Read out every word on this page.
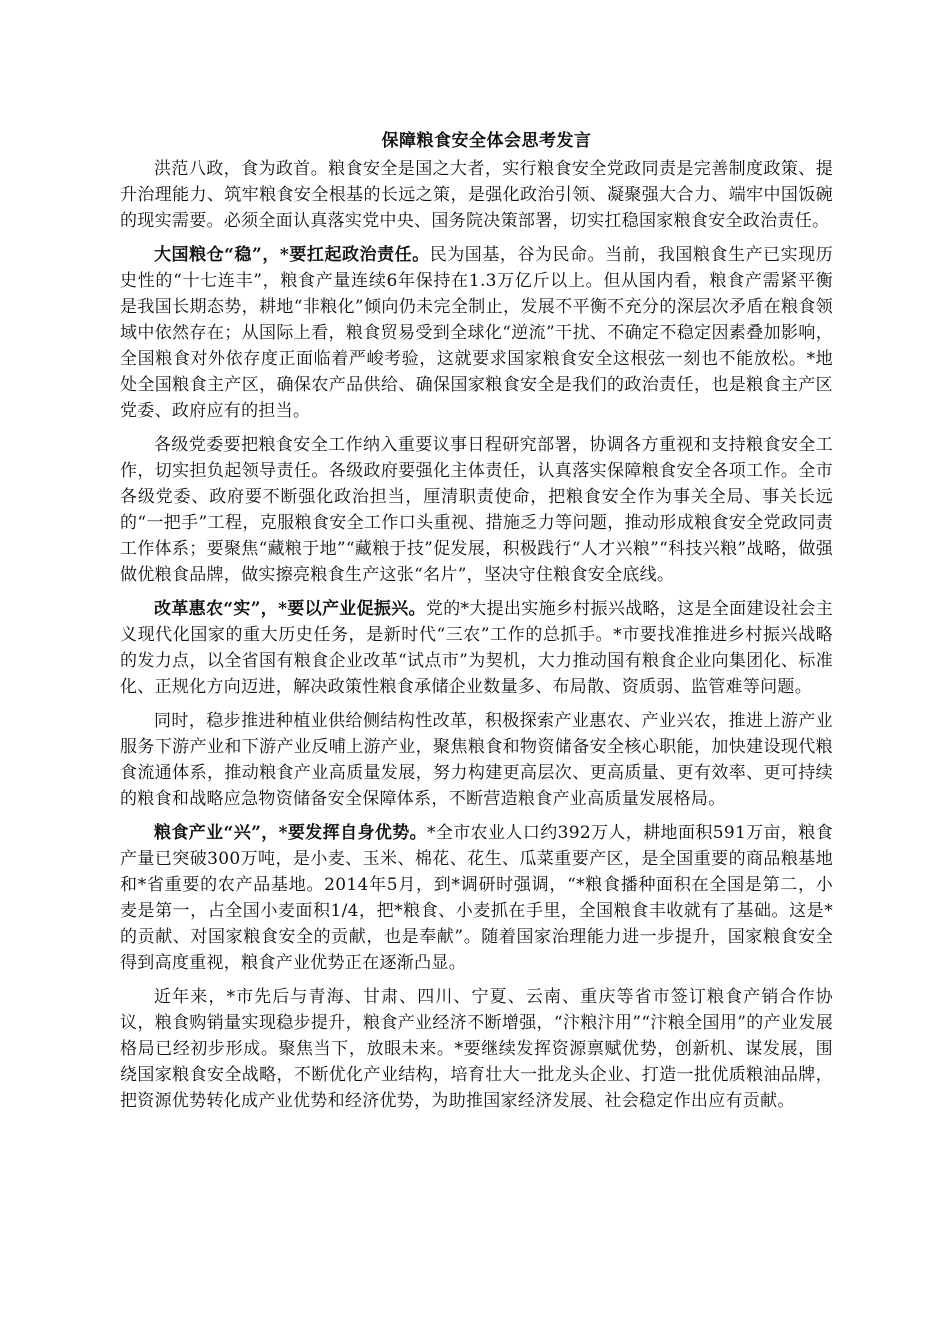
保障粮食安全体会思考发言

洪范八政，食为政首。粮食安全是国之大者，实行粮食安全党政同责是完善制度政策、提升治理能力、筑牢粮食安全根基的长远之策，是强化政治引领、凝聚强大合力、端牢中国饭碗的现实需要。必须全面认真落实党中央、国务院决策部署，切实扛稳国家粮食安全政治责任。

大国粮仓“稳”，*要扛起政治责任。民为国基，谷为民命。当前，我国粮食生产已实现历史性的“十七连丰”，粮食产量连续6年保持在1.3万亿斤以上。但从国内看，粮食产需紧平衡是我国长期态势，耕地“非粮化”倾向仍未完全制止，发展不平衡不充分的深层次矛盾在粮食领域中依然存在；从国际上看，粮食贸易受到全球化“逆流”干扰、不确定不稳定因素叠加影响，全国粮食对外依存度正面临着严峻考验，这就要求国家粮食安全这根弦一刻也不能放松。*地处全国粮食主产区，确保农产品供给、确保国家粮食安全是我们的政治责任，也是粮食主产区党委、政府应有的担当。

各级党委要把粮食安全工作纳入重要议事日程研究部署，协调各方重视和支持粮食安全工作，切实担负起领导责任。各级政府要强化主体责任，认真落实保障粮食安全各项工作。全市各级党委、政府要不断强化政治担当，厘清职责使命，把粮食安全作为事关全局、事关长远的“一把手”工程，克服粮食安全工作口头重视、措施乏力等问题，推动形成粮食安全党政同责工作体系；要聚焦“藏粮于地”“藏粮于技”促发展，积极践行“人才兴粮”“科技兴粮”战略，做强做优粮食品牌，做实擦亮粮食生产这张“名片”，坚决守住粮食安全底线。

改革惠农“实”，*要以产业促振兴。党的*大提出实施乡村振兴战略，这是全面建设社会主义现代化国家的重大历史任务，是新时代“三农”工作的总抓手。*市要找准推进乡村振兴战略的发力点，以全省国有粮食企业改革“试点市”为契机，大力推动国有粮食企业向集团化、标准化、正规化方向迈进，解决政策性粮食承储企业数量多、布局散、资质弱、监管难等问题。

同时，稳步推进种植业供给侧结构性改革，积极探索产业惠农、产业兴农，推进上游产业服务下游产业和下游产业反哺上游产业，聚焦粮食和物资储备安全核心职能，加快建设现代粮食流通体系，推动粮食产业高质量发展，努力构建更高层次、更高质量、更有效率、更可持续的粮食和战略应急物资储备安全保障体系，不断营造粮食产业高质量发展格局。

粮食产业“兴”，*要发挥自身优势。*全市农业人口约392万人，耕地面积591万亩，粮食产量已突破300万吨，是小麦、玉米、棉花、花生、瓜菜重要产区，是全国重要的商品粮基地和*省重要的农产品基地。2014年5月，到*调研时强调，“*粮食播种面积在全国是第二，小麦是第一，占全国小麦面积1/4，把*粮食、小麦抓在手里，全国粮食丰收就有了基础。这是*的贡献、对国家粮食安全的贡献，也是奉献”。随着国家治理能力进一步提升，国家粮食安全得到高度重视，粮食产业优势正在逐渐凸显。

近年来，*市先后与青海、甘肃、四川、宁夏、云南、重庆等省市签订粮食产销合作协议，粮食购销量实现稳步提升，粮食产业经济不断增强，“汴粮汴用”“汴粮全国用”的产业发展格局已经初步形成。聚焦当下，放眼未来。*要继续发挥资源禀赋优势，创新机、谋发展，围绕国家粮食安全战略，不断优化产业结构，培育壮大一批龙头企业、打造一批优质粮油品牌，把资源优势转化成产业优势和经济优势，为助推国家经济发展、社会稳定作出应有贡献。
